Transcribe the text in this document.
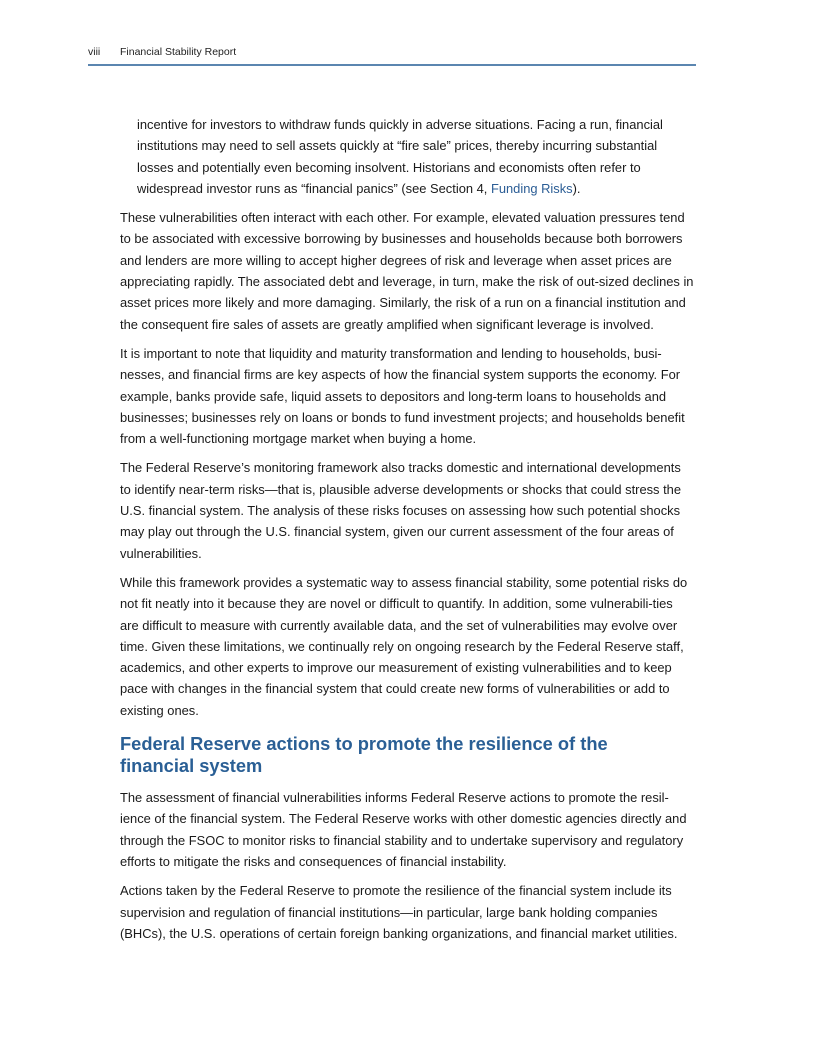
viii Financial Stability Report

incentive for investors to withdraw funds quickly in adverse situations. Facing a run, financial institutions may need to sell assets quickly at “fire sale” prices, thereby incurring substantial losses and potentially even becoming insolvent. Historians and economists often refer to widespread investor runs as “financial panics” (see Section 4, Funding Risks).

These vulnerabilities often interact with each other. For example, elevated valuation pressures tend to be associated with excessive borrowing by businesses and households because both borrowers and lenders are more willing to accept higher degrees of risk and leverage when asset prices are appreciating rapidly. The associated debt and leverage, in turn, make the risk of out-sized declines in asset prices more likely and more damaging. Similarly, the risk of a run on a financial institution and the consequent fire sales of assets are greatly amplified when significant leverage is involved.

It is important to note that liquidity and maturity transformation and lending to households, busi-nesses, and financial firms are key aspects of how the financial system supports the economy. For example, banks provide safe, liquid assets to depositors and long-term loans to households and businesses; businesses rely on loans or bonds to fund investment projects; and households benefit from a well-functioning mortgage market when buying a home.

The Federal Reserve’s monitoring framework also tracks domestic and international developments to identify near-term risks—that is, plausible adverse developments or shocks that could stress the U.S. financial system. The analysis of these risks focuses on assessing how such potential shocks may play out through the U.S. financial system, given our current assessment of the four areas of vulnerabilities.

While this framework provides a systematic way to assess financial stability, some potential risks do not fit neatly into it because they are novel or difficult to quantify. In addition, some vulnerabili-ties are difficult to measure with currently available data, and the set of vulnerabilities may evolve over time. Given these limitations, we continually rely on ongoing research by the Federal Reserve staff, academics, and other experts to improve our measurement of existing vulnerabilities and to keep pace with changes in the financial system that could create new forms of vulnerabilities or add to existing ones.

Federal Reserve actions to promote the resilience of the
financial system

The assessment of financial vulnerabilities informs Federal Reserve actions to promote the resil-ience of the financial system. The Federal Reserve works with other domestic agencies directly and through the FSOC to monitor risks to financial stability and to undertake supervisory and regulatory efforts to mitigate the risks and consequences of financial instability.

Actions taken by the Federal Reserve to promote the resilience of the financial system include its supervision and regulation of financial institutions—in particular, large bank holding companies (BHCs), the U.S. operations of certain foreign banking organizations, and financial market utilities.
